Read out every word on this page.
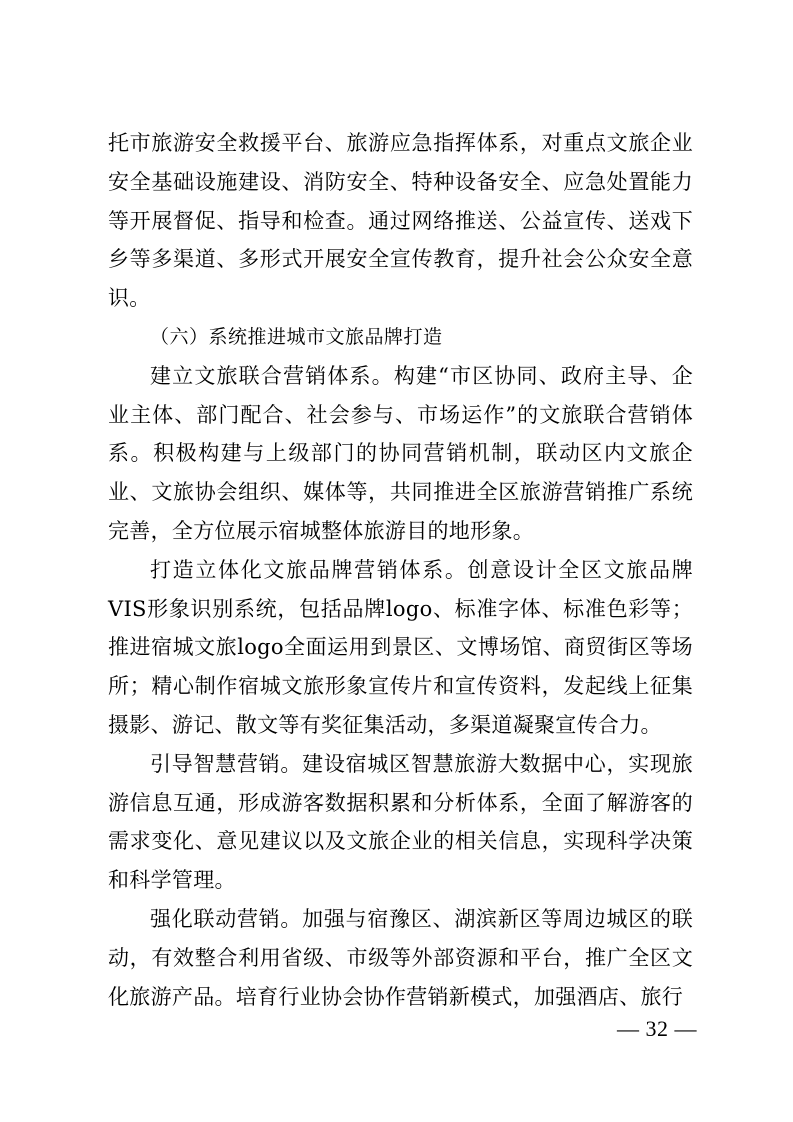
托市旅游安全救援平台、旅游应急指挥体系，对重点文旅企业安全基础设施建设、消防安全、特种设备安全、应急处置能力等开展督促、指导和检查。通过网络推送、公益宣传、送戏下乡等多渠道、多形式开展安全宣传教育，提升社会公众安全意识。

（六）系统推进城市文旅品牌打造

建立文旅联合营销体系。构建“市区协同、政府主导、企业主体、部门配合、社会参与、市场运作”的文旅联合营销体系。积极构建与上级部门的协同营销机制，联动区内文旅企业、文旅协会组织、媒体等，共同推进全区旅游营销推广系统完善，全方位展示宿城整体旅游目的地形象。

打造立体化文旅品牌营销体系。创意设计全区文旅品牌VIS形象识别系统，包括品牌logo、标准字体、标准色彩等；推进宿城文旅logo全面运用到景区、文博场馆、商贸街区等场所；精心制作宿城文旅形象宣传片和宣传资料，发起线上征集摄影、游记、散文等有奖征集活动，多渠道凝聚宣传合力。

引导智慧营销。建设宿城区智慧旅游大数据中心，实现旅游信息互通，形成游客数据积累和分析体系，全面了解游客的需求变化、意见建议以及文旅企业的相关信息，实现科学决策和科学管理。

强化联动营销。加强与宿豫区、湖滨新区等周边城区的联动，有效整合利用省级、市级等外部资源和平台，推广全区文化旅游产品。培育行业协会协作营销新模式，加强酒店、旅行

— 32 —
